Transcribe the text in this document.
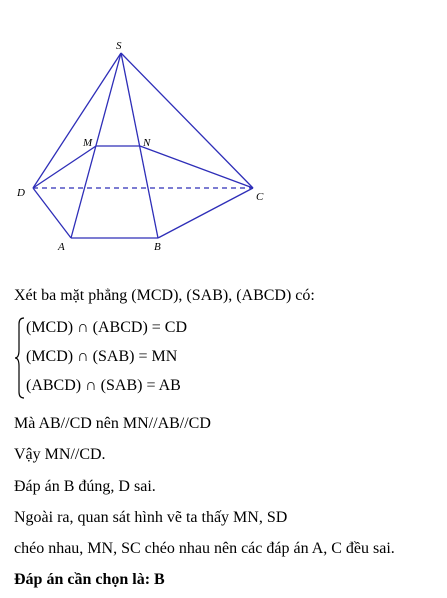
S
M	N
D	C
A	B
Xét ba mặt phẳng (MCD), (SAB), (ABCD) có:
(MCD) ∩ (ABCD) = CD
(MCD) ∩ (SAB) = MN
(ABCD) ∩ (SAB) = AB
Mà AB//CD nên MN//AB//CD
Vậy MN//CD.
Đáp án B đúng, D sai.
Ngoài ra, quan sát hình vẽ ta thấy MN, SD
chéo nhau, MN, SC chéo nhau nên các đáp án A, C đều sai.
Đáp án cần chọn là: B
